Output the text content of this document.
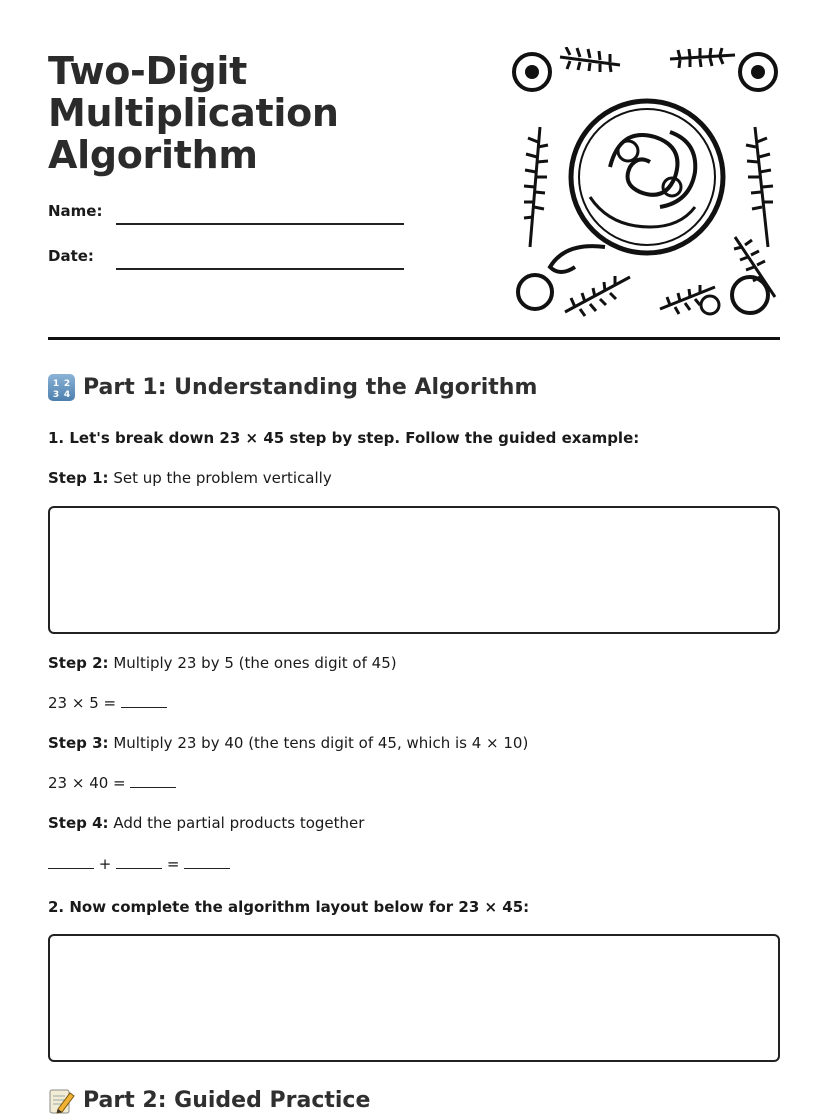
Two-Digit
Multiplication
Algorithm
Name:
Date:
1 2
3 4 Part 1: Understanding the Algorithm
1. Let's break down 23 × 45 step by step. Follow the guided example:
Step 1: Set up the problem vertically
Step 2: Multiply 23 by 5 (the ones digit of 45)
23 × 5 =
Step 3: Multiply 23 by 40 (the tens digit of 45, which is 4 × 10)
23 × 40 =
Step 4: Add the partial products together
+	=
2. Now complete the algorithm layout below for 23 × 45:
Part 2: Guided Practice
